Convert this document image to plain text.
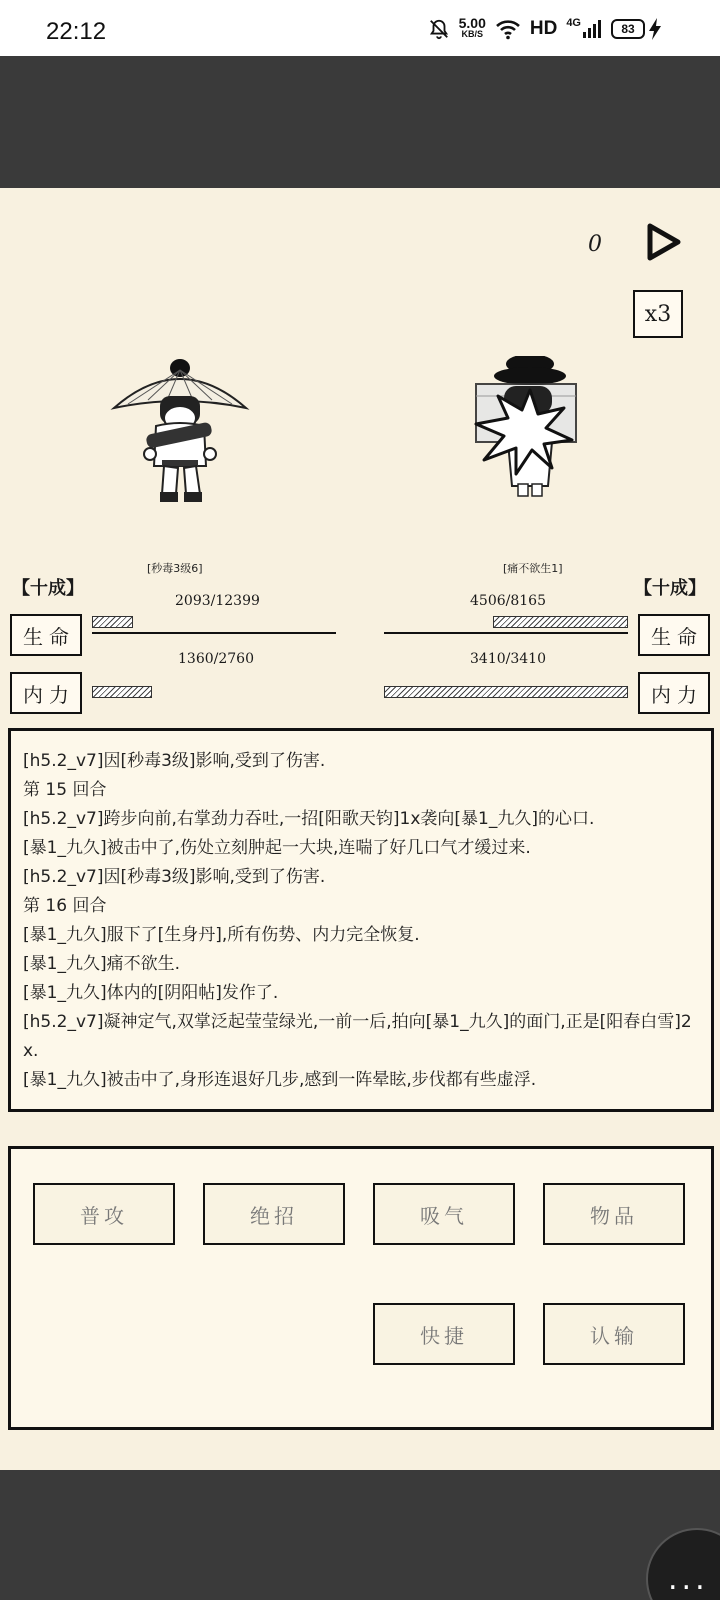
22:12	5.00
KB/S HD 4G	83
0
x3
[秒毒3级6]	[痛不欲生1]
【十成】	【十成】
生命	生命
内力	内力
2093/12399	4506/8165
1360/2760	3410/3410
[h5.2_v7]因[秒毒3级]影响,受到了伤害.
第 15 回合
[h5.2_v7]跨步向前,右掌劲力吞吐,一招[阳歌天钧]1x袭向[暴1_九久]的心口.
[暴1_九久]被击中了,伤处立刻肿起一大块,连喘了好几口气才缓过来.
[h5.2_v7]因[秒毒3级]影响,受到了伤害.
第 16 回合
[暴1_九久]服下了[生身丹],所有伤势、内力完全恢复.
[暴1_九久]痛不欲生.
[暴1_九久]体内的[阴阳帖]发作了.
[h5.2_v7]凝神定气,双掌泛起莹莹绿光,一前一后,拍向[暴1_九久]的面门,正是[阳春白雪]2x.
[暴1_九久]被击中了,身形连退好几步,感到一阵晕眩,步伐都有些虚浮.
普攻	绝招	吸气	物品
快捷	认输
...
